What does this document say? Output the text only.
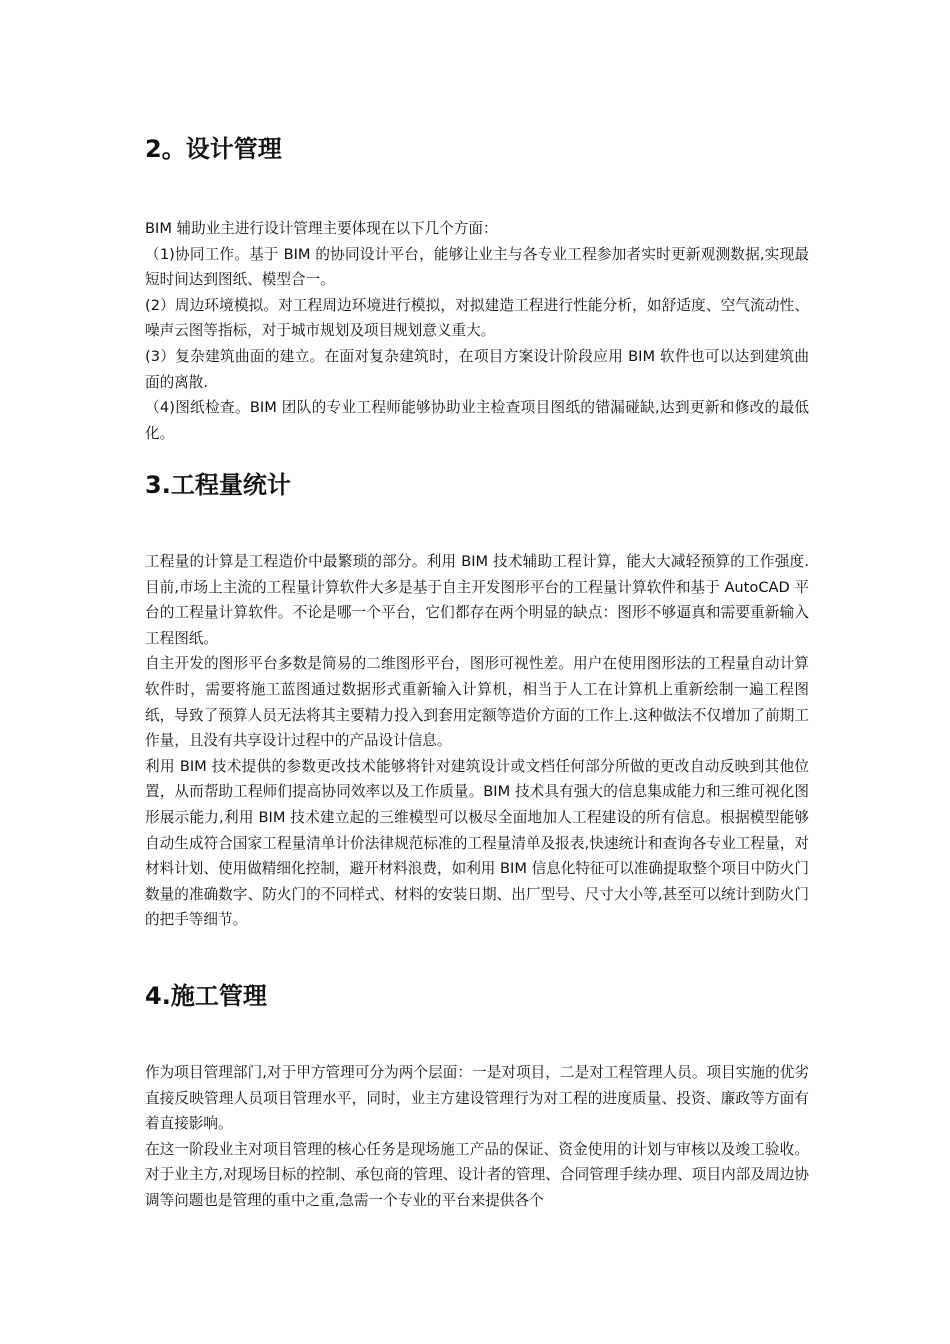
2。设计管理

BIM 辅助业主进行设计管理主要体现在以下几个方面：

（1)协同工作。基于 BIM 的协同设计平台，能够让业主与各专业工程参加者实时更新观测数据,实现最短时间达到图纸、模型合一。

(2）周边环境模拟。对工程周边环境进行模拟，对拟建造工程进行性能分析，如舒适度、空气流动性、噪声云图等指标，对于城市规划及项目规划意义重大。

(3）复杂建筑曲面的建立。在面对复杂建筑时，在项目方案设计阶段应用 BIM 软件也可以达到建筑曲面的离散.

（4)图纸检查。BIM 团队的专业工程师能够协助业主检查项目图纸的错漏碰缺,达到更新和修改的最低化。

3.工程量统计

工程量的计算是工程造价中最繁琐的部分。利用 BIM 技术辅助工程计算，能大大减轻预算的工作强度.目前,市场上主流的工程量计算软件大多是基于自主开发图形平台的工程量计算软件和基于 AutoCAD 平台的工程量计算软件。不论是哪一个平台，它们都存在两个明显的缺点：图形不够逼真和需要重新输入工程图纸。

自主开发的图形平台多数是简易的二维图形平台，图形可视性差。用户在使用图形法的工程量自动计算软件时，需要将施工蓝图通过数据形式重新输入计算机，相当于人工在计算机上重新绘制一遍工程图纸，导致了预算人员无法将其主要精力投入到套用定额等造价方面的工作上.这种做法不仅增加了前期工作量，且没有共享设计过程中的产品设计信息。

利用 BIM 技术提供的参数更改技术能够将针对建筑设计或文档任何部分所做的更改自动反映到其他位置，从而帮助工程师们提高协同效率以及工作质量。BIM 技术具有强大的信息集成能力和三维可视化图形展示能力,利用 BIM 技术建立起的三维模型可以极尽全面地加人工程建设的所有信息。根据模型能够自动生成符合国家工程量清单计价法律规范标准的工程量清单及报表,快速统计和查询各专业工程量，对材料计划、使用做精细化控制，避开材料浪费，如利用 BIM 信息化特征可以准确提取整个项目中防火门数量的准确数字、防火门的不同样式、材料的安装日期、出厂型号、尺寸大小等,甚至可以统计到防火门的把手等细节。

4.施工管理

作为项目管理部门,对于甲方管理可分为两个层面：一是对项目，二是对工程管理人员。项目实施的优劣直接反映管理人员项目管理水平，同时，业主方建设管理行为对工程的进度质量、投资、廉政等方面有着直接影响。

在这一阶段业主对项目管理的核心任务是现场施工产品的保证、资金使用的计划与审核以及竣工验收。对于业主方,对现场目标的控制、承包商的管理、设计者的管理、合同管理手续办理、项目内部及周边协调等问题也是管理的重中之重,急需一个专业的平台来提供各个
